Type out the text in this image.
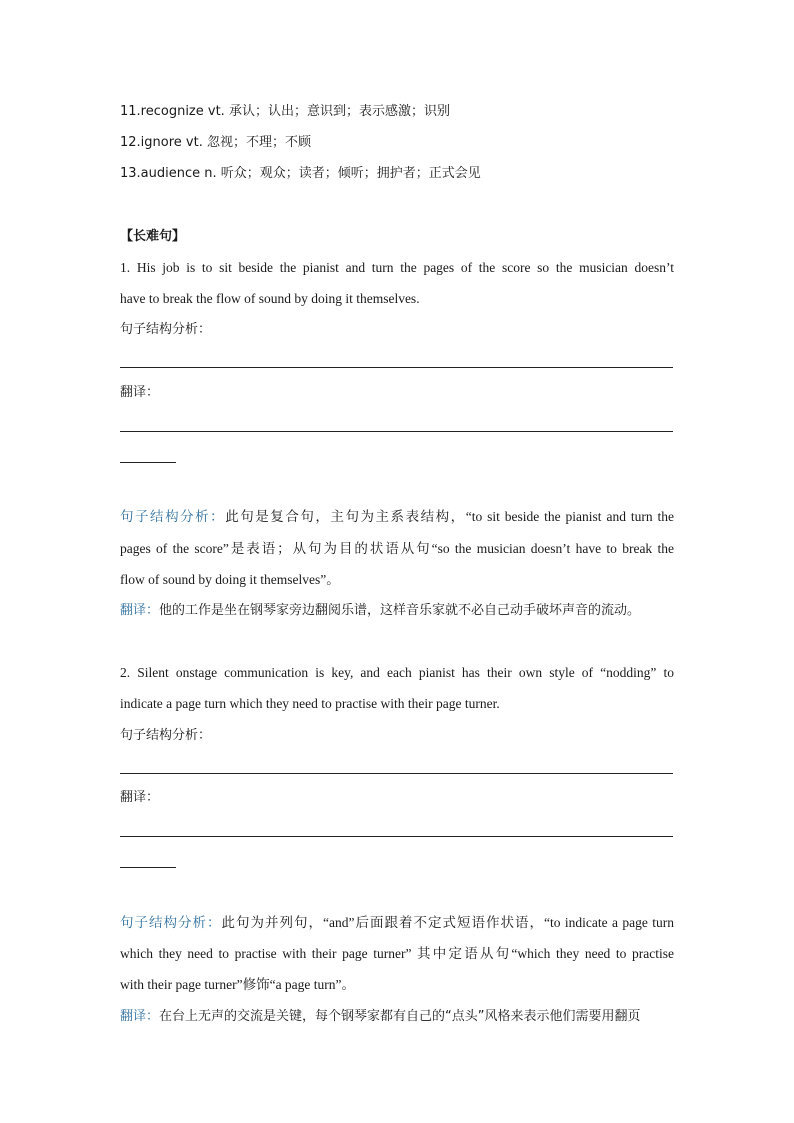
11.recognize vt. 承认；认出；意识到；表示感激；识别
12.ignore vt. 忽视；不理；不顾
13.audience n. 听众；观众；读者；倾听；拥护者；正式会见
【长难句】
1. His job is to sit beside the pianist and turn the pages of the score so the musician doesn’t
have to break the flow of sound by doing it themselves.
句子结构分析：
翻译：
句子结构分析：此句是复合句，主句为主系表结构，“to sit beside the pianist and turn the
pages of the score”是表语；从句为目的状语从句“so the musician doesn’t have to break the
flow of sound by doing it themselves”。
翻译：他的工作是坐在钢琴家旁边翻阅乐谱，这样音乐家就不必自己动手破坏声音的流动。
2. Silent onstage communication is key, and each pianist has their own style of “nodding” to
indicate a page turn which they need to practise with their page turner.
句子结构分析：
翻译：
句子结构分析：此句为并列句，“and”后面跟着不定式短语作状语，“to indicate a page turn
which they need to practise with their page turner” 其中定语从句“which they need to practise
with their page turner”修饰“a page turn”。
翻译：在台上无声的交流是关键，每个钢琴家都有自己的“点头”风格来表示他们需要用翻页
